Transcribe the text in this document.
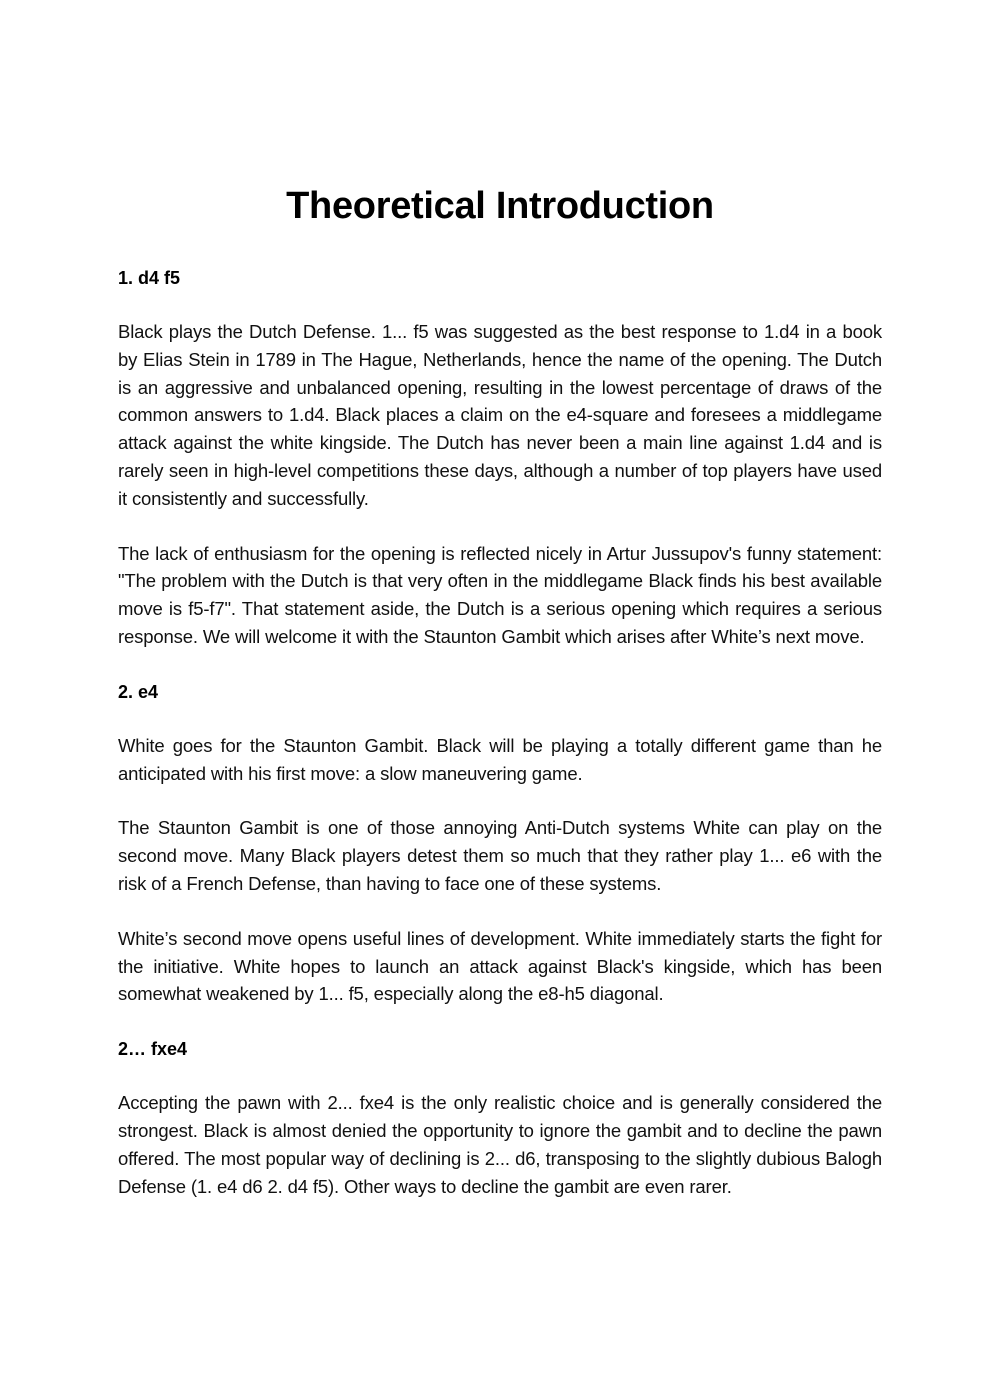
Theoretical Introduction
1. d4 f5

Black plays the Dutch Defense. 1... f5 was suggested as the best response to 1.d4 in a book by Elias Stein in 1789 in The Hague, Netherlands, hence the name of the opening. The Dutch is an aggressive and unbalanced opening, resulting in the lowest percentage of draws of the common answers to 1.d4. Black places a claim on the e4-square and foresees a middlegame attack against the white kingside. The Dutch has never been a main line against 1.d4 and is rarely seen in high-level competitions these days, although a number of top players have used it consistently and successfully.

The lack of enthusiasm for the opening is reflected nicely in Artur Jussupov's funny statement: "The problem with the Dutch is that very often in the middlegame Black finds his best available move is f5-f7". That statement aside, the Dutch is a serious opening which requires a serious response. We will welcome it with the Staunton Gambit which arises after White’s next move.

2. e4

White goes for the Staunton Gambit. Black will be playing a totally different game than he anticipated with his first move: a slow maneuvering game.

The Staunton Gambit is one of those annoying Anti-Dutch systems White can play on the second move. Many Black players detest them so much that they rather play 1... e6 with the risk of a French Defense, than having to face one of these systems.

White’s second move opens useful lines of development. White immediately starts the fight for the initiative. White hopes to launch an attack against Black's kingside, which has been somewhat weakened by 1... f5, especially along the e8-h5 diagonal.

2… fxe4

Accepting the pawn with 2... fxe4 is the only realistic choice and is generally considered the strongest. Black is almost denied the opportunity to ignore the gambit and to decline the pawn offered. The most popular way of declining is 2... d6, transposing to the slightly dubious Balogh Defense (1. e4 d6 2. d4 f5). Other ways to decline the gambit are even rarer.
